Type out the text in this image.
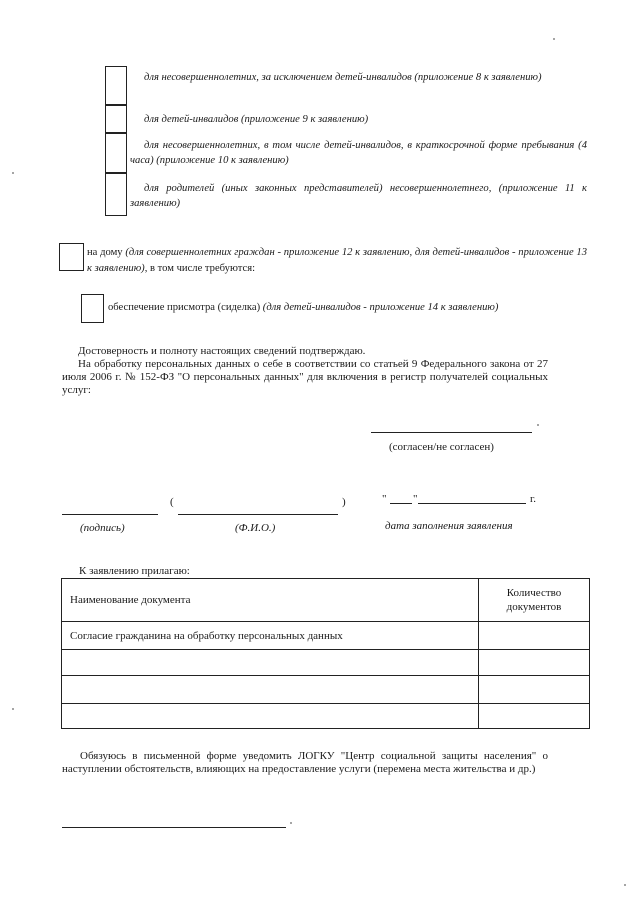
для несовершеннолетних, за исключением детей-инвалидов (приложение 8 к заявлению)
для детей-инвалидов (приложение 9 к заявлению)
для несовершеннолетних, в том числе детей-инвалидов, в краткосрочной форме пребывания (4 часа) (приложение 10 к заявлению)
для родителей (иных законных представителей) несовершеннолетнего, (приложение 11 к заявлению)
на дому (для совершеннолетних граждан - приложение 12 к заявлению, для детей-инвалидов - приложение 13 к заявлению), в том числе требуются:
обеспечение присмотра (сиделка) (для детей-инвалидов - приложение 14 к заявлению)
Достоверность и полноту настоящих сведений подтверждаю.
На обработку персональных данных о себе в соответствии со статьей 9 Федерального закона от 27 июля 2006 г. № 152-ФЗ "О персональных данных" для включения в регистр получателей социальных услуг:
(согласен/не согласен)
(	)	" "	г.
(подпись)	(Ф.И.О.)	дата заполнения заявления
К заявлению прилагаю:
Наименование документа	Количество документов
Согласие гражданина на обработку персональных данных	

Обязуюсь в письменной форме уведомить ЛОГКУ "Центр социальной защиты населения" о наступлении обстоятельств, влияющих на предоставление услуги (перемена места жительства и др.)
